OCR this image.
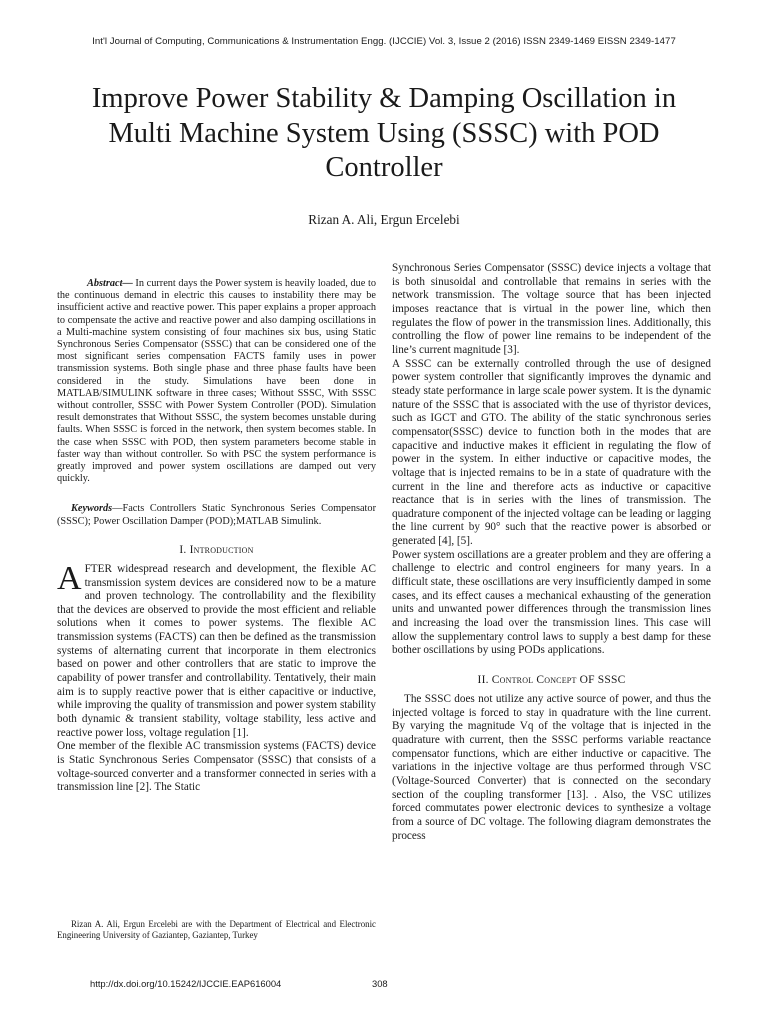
Int'l Journal of Computing, Communications & Instrumentation Engg. (IJCCIE) Vol. 3, Issue 2 (2016) ISSN 2349-1469 EISSN 2349-1477
Improve Power Stability & Damping Oscillation in Multi Machine System Using (SSSC) with POD Controller
Rizan A. Ali, Ergun Ercelebi

Abstract— In current days the Power system is heavily loaded, due to the continuous demand in electric this causes to instability there may be insufficient active and reactive power. This paper explains a proper approach to compensate the active and reactive power and also damping oscillations in a Multi-machine system consisting of four machines six bus, using Static Synchronous Series Compensator (SSSC) that can be considered one of the most significant series compensation FACTS family uses in power transmission systems. Both single phase and three phase faults have been considered in the study. Simulations have been done in MATLAB/SIMULINK software in three cases; Without SSSC, With SSSC without controller, SSSC with Power System Controller (POD). Simulation result demonstrates that Without SSSC, the system becomes unstable during faults. When SSSC is forced in the network, then system becomes stable. In the case when SSSC with POD, then system parameters become stable in faster way than without controller. So with PSC the system performance is greatly improved and power system oscillations are damped out very quickly.

Keywords—Facts Controllers Static Synchronous Series Compensator (SSSC); Power Oscillation Damper (POD);MATLAB Simulink.

I. Introduction

AFTER widespread research and development, the flexible AC transmission system devices are considered now to be a mature and proven technology. The controllability and the flexibility that the devices are observed to provide the most efficient and reliable solutions when it comes to power systems. The flexible AC transmission systems (FACTS) can then be defined as the transmission systems of alternating current that incorporate in them electronics based on power and other controllers that are static to improve the capability of power transfer and controllability. Tentatively, their main aim is to supply reactive power that is either capacitive or inductive, while improving the quality of transmission and power system stability both dynamic & transient stability, voltage stability, less active and reactive power loss, voltage regulation [1].

One member of the flexible AC transmission systems (FACTS) device is Static Synchronous Series Compensator (SSSC) that consists of a voltage-sourced converter and a transformer connected in series with a transmission line [2]. The Static

Rizan A. Ali, Ergun Ercelebi are with the Department of Electrical and Electronic Engineering University of Gaziantep, Gaziantep, Turkey

Synchronous Series Compensator (SSSC) device injects a voltage that is both sinusoidal and controllable that remains in series with the network transmission. The voltage source that has been injected imposes reactance that is virtual in the power line, which then regulates the flow of power in the transmission lines. Additionally, this controlling the flow of power line remains to be independent of the line’s current magnitude [3].

A SSSC can be externally controlled through the use of designed power system controller that significantly improves the dynamic and steady state performance in large scale power system. It is the dynamic nature of the SSSC that is associated with the use of thyristor devices, such as IGCT and GTO. The ability of the static synchronous series compensator(SSSC) device to function both in the modes that are capacitive and inductive makes it efficient in regulating the flow of power in the system. In either inductive or capacitive modes, the voltage that is injected remains to be in a state of quadrature with the current in the line and therefore acts as inductive or capacitive reactance that is in series with the lines of transmission. The quadrature component of the injected voltage can be leading or lagging the line current by 90° such that the reactive power is absorbed or generated [4], [5].

Power system oscillations are a greater problem and they are offering a challenge to electric and control engineers for many years. In a difficult state, these oscillations are very insufficiently damped in some cases, and its effect causes a mechanical exhausting of the generation units and unwanted power differences through the transmission lines and increasing the load over the transmission lines. This case will allow the supplementary control laws to supply a best damp for these bother oscillations by using PODs applications.

II. Control Concept OF SSSC

The SSSC does not utilize any active source of power, and thus the injected voltage is forced to stay in quadrature with the line current. By varying the magnitude Vq of the voltage that is injected in the quadrature with current, then the SSSC performs variable reactance compensator functions, which are either inductive or capacitive. The variations in the injective voltage are thus performed through VSC (Voltage-Sourced Converter) that is connected on the secondary section of the coupling transformer [13]. . Also, the VSC utilizes forced commutates power electronic devices to synthesize a voltage from a source of DC voltage. The following diagram demonstrates the process

http://dx.doi.org/10.15242/IJCCIE.EAP616004	308
